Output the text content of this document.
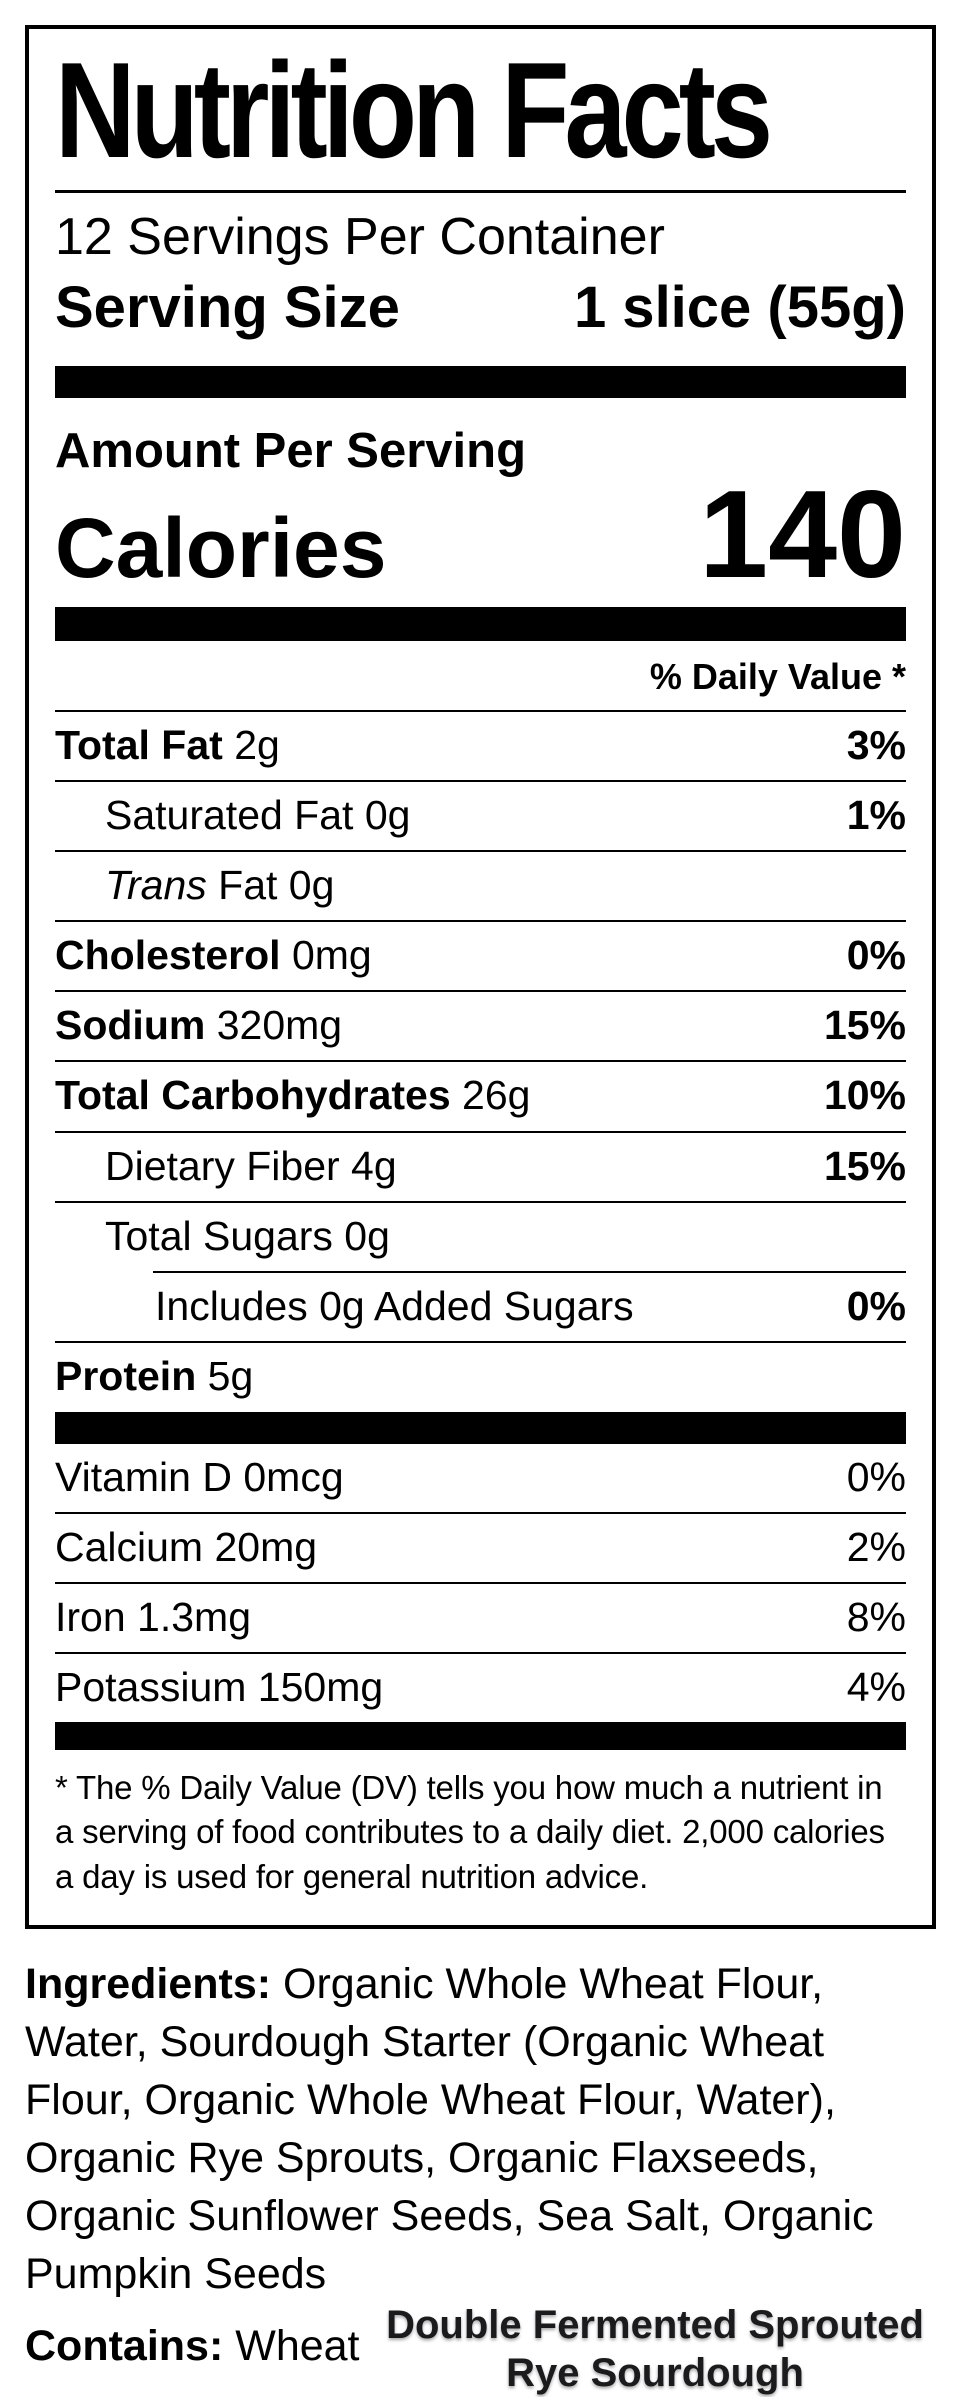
Nutrition Facts
12 Servings Per Container
Serving Size	1 slice (55g)
Amount Per Serving
Calories	140
% Daily Value *
Total Fat 2g	3%
Saturated Fat 0g	1%
Trans Fat 0g
Cholesterol 0mg	0%
Sodium 320mg	15%
Total Carbohydrates 26g	10%
Dietary Fiber 4g	15%
Total Sugars 0g
Includes 0g Added Sugars	0%
Protein 5g
Vitamin D 0mcg	0%
Calcium 20mg	2%
Iron 1.3mg	8%
Potassium 150mg	4%

* The % Daily Value (DV) tells you how much a nutrient in a serving of food contributes to a daily diet. 2,000 calories a day is used for general nutrition advice.

Ingredients: Organic Whole Wheat Flour, Water, Sourdough Starter (Organic Wheat Flour, Organic Whole Wheat Flour, Water), Organic Rye Sprouts, Organic Flaxseeds, Organic Sunflower Seeds, Sea Salt, Organic Pumpkin Seeds

Contains: Wheat Double Fermented Sprouted
Rye Sourdough
